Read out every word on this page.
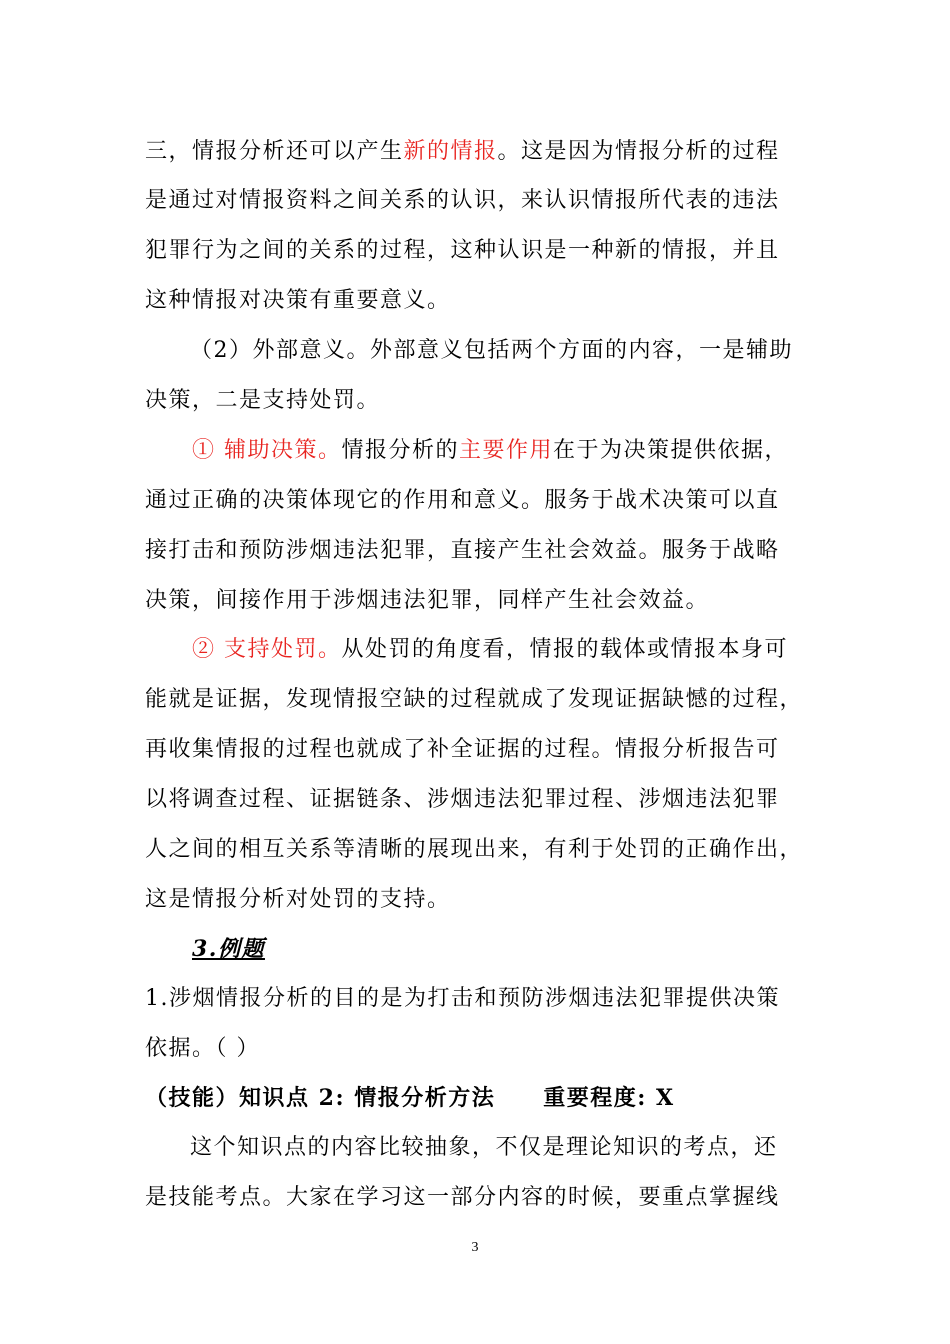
三，情报分析还可以产生新的情报。这是因为情报分析的过程
是通过对情报资料之间关系的认识，来认识情报所代表的违法
犯罪行为之间的关系的过程，这种认识是一种新的情报，并且
这种情报对决策有重要意义。
（2）外部意义。外部意义包括两个方面的内容，一是辅助
决策，二是支持处罚。
① 辅助决策。情报分析的主要作用在于为决策提供依据，
通过正确的决策体现它的作用和意义。服务于战术决策可以直
接打击和预防涉烟违法犯罪，直接产生社会效益。服务于战略
决策，间接作用于涉烟违法犯罪，同样产生社会效益。
② 支持处罚。从处罚的角度看，情报的载体或情报本身可
能就是证据，发现情报空缺的过程就成了发现证据缺憾的过程，
再收集情报的过程也就成了补全证据的过程。情报分析报告可
以将调查过程、证据链条、涉烟违法犯罪过程、涉烟违法犯罪
人之间的相互关系等清晰的展现出来，有利于处罚的正确作出，
这是情报分析对处罚的支持。
3.例题
1.涉烟情报分析的目的是为打击和预防涉烟违法犯罪提供决策
依据。（ ）
（技能）知识点 2: 情报分析方法 重要程度: X
这个知识点的内容比较抽象，不仅是理论知识的考点，还
是技能考点。大家在学习这一部分内容的时候，要重点掌握线
3
